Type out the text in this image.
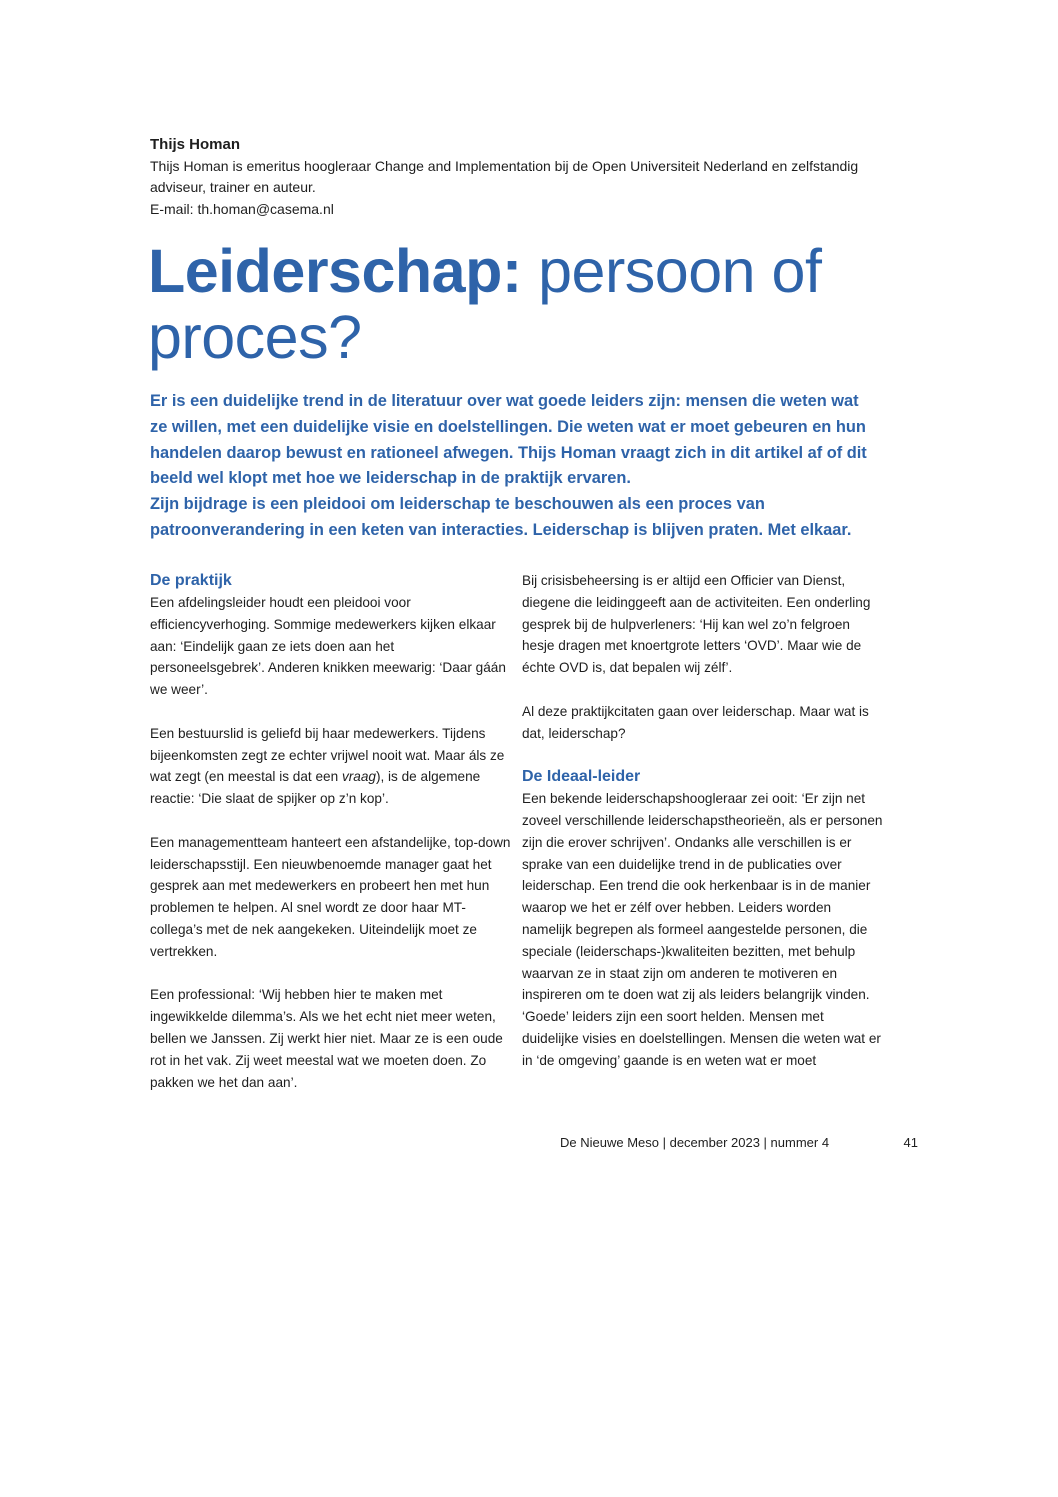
Thijs Homan
Thijs Homan is emeritus hoogleraar Change and Implementation bij de Open Universiteit Nederland en zelfstandig adviseur, trainer en auteur.
E-mail: th.homan@casema.nl
Leiderschap: persoon of proces?

Er is een duidelijke trend in de literatuur over wat goede leiders zijn: mensen die weten wat ze willen, met een duidelijke visie en doelstellingen. Die weten wat er moet gebeuren en hun handelen daarop bewust en rationeel afwegen. Thijs Homan vraagt zich in dit artikel af of dit beeld wel klopt met hoe we leiderschap in de praktijk ervaren.

Zijn bijdrage is een pleidooi om leiderschap te beschouwen als een proces van patroonverandering in een keten van interacties. Leiderschap is blijven praten. Met elkaar.

De praktijk

Een afdelingsleider houdt een pleidooi voor efficiencyverhoging. Sommige medewerkers kijken elkaar aan: ‘Eindelijk gaan ze iets doen aan het personeelsgebrek’. Anderen knikken meewarig: ‘Daar gáán we weer’.

Een bestuurslid is geliefd bij haar medewerkers. Tijdens bijeenkomsten zegt ze echter vrijwel nooit wat. Maar áls ze wat zegt (en meestal is dat een vraag), is de algemene reactie: ‘Die slaat de spijker op z’n kop’.

Een managementteam hanteert een afstandelijke, top-down leiderschapsstijl. Een nieuwbenoemde manager gaat het gesprek aan met medewerkers en probeert hen met hun problemen te helpen. Al snel wordt ze door haar MT-collega’s met de nek aangekeken. Uiteindelijk moet ze vertrekken.

Een professional: ‘Wij hebben hier te maken met ingewikkelde dilemma’s. Als we het echt niet meer weten, bellen we Janssen. Zij werkt hier niet. Maar ze is een oude rot in het vak. Zij weet meestal wat we moeten doen. Zo pakken we het dan aan’.

Bij crisisbeheersing is er altijd een Officier van Dienst, diegene die leidinggeeft aan de activiteiten. Een onderling gesprek bij de hulpverleners: ‘Hij kan wel zo’n felgroen hesje dragen met knoertgrote letters ‘OVD’. Maar wie de échte OVD is, dat bepalen wij zélf’.

Al deze praktijkcitaten gaan over leiderschap. Maar wat is dat, leiderschap?

De Ideaal-leider

Een bekende leiderschapshoogleraar zei ooit: ‘Er zijn net zoveel verschillende leiderschapstheorieën, als er personen zijn die erover schrijven’. Ondanks alle verschillen is er sprake van een duidelijke trend in de publicaties over leiderschap. Een trend die ook herkenbaar is in de manier waarop we het er zélf over hebben. Leiders worden namelijk begrepen als formeel aangestelde personen, die speciale (leiderschaps-)kwaliteiten bezitten, met behulp waarvan ze in staat zijn om anderen te motiveren en inspireren om te doen wat zij als leiders belangrijk vinden. ‘Goede’ leiders zijn een soort helden. Mensen met duidelijke visies en doelstellingen. Mensen die weten wat er in ‘de omgeving’ gaande is en weten wat er moet

De Nieuwe Meso | december 2023 | nummer 4	41
